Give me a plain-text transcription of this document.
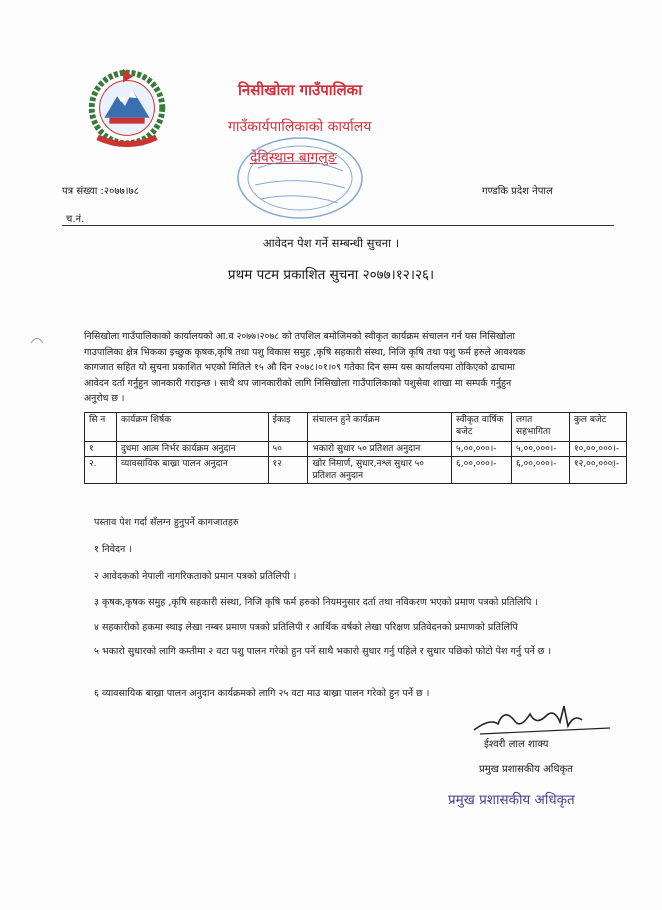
निसीखोला गाउँपालिका
गाउँकार्यपालिकाको कार्यालय
देविस्थान बागलुङ
पत्र संख्या :२०७७।७८	गण्डकि प्रदेश नेपाल
च.नं.
आवेदन पेश गर्ने सम्बन्धी सुचना ।
प्रथम पटम प्रकाशित सुचना २०७७।१२।२६।
निसिखोला गाउँपालिकाको कार्यालयको आ.व २०७७।२०७८ को तपशिल बमोजिमको स्वीकृत कार्यक्रम संचालन गर्न यस निसिखोला
गाउपालिका क्षेत्र भिकका इच्छुक कृषक,कृषि तथा पशु विकास समुह ,कृषि सहकारी संस्था, निजि कृषि तथा पशु फर्म हरुले आवश्यक
कागजात सहित यो सुचना प्रकाशित भएको मितिले १५ औ दिन २०७८।०१।०९ गतेका दिन सम्म यस कार्यालयमा तोकिएको ढाचामा
आवेदन दर्ता गर्नुहुन जानकारी गराइन्छ । साथै थप जानकारीको लागि निसिखोला गाउँपालिकाको पशुसेवा शाखा मा सम्पर्क गर्नुहुन
अनुरोध छ ।
सि न	कार्यक्रम शिर्षक	ईकाइ	संचालन हुने कार्यक्रम	स्वीकृत वार्षिक बजेट	लगत सहभागिता	कुल बजेट
१	दुधमा आत्म निर्भर कार्यक्रम अनुदान	५०	भकारो सुधार ५० प्रतिशत अनुदान	५,००,०००।-	५,००,०००।-	१०,००,०००।-
२.	व्यावसायिक बाख्रा पालन अनुदान	१२	खोर निमार्ण, सुधार,नश्ल सुधार ५० प्रतिशत अनुदान	६,००,०००।-	६,००,०००।-	१२,००,०००।-
पस्ताव पेश गर्दा सँलग्न हुनुपर्ने कागजातहरु
१ निवेदन ।
२ आवेदकको नेपाली नागरिकताको प्रमान पत्रको प्रतिलिपी ।
३ कृषक,कृषक समुह ,कृषि सहकारी संस्था, निजि कृषि फर्म हरुको नियमनुसार दर्ता तथा नविकरण भएको प्रमाण पत्रको प्रतिलिपि ।
४ सहकारीको हकमा स्थाइ लेखा नम्बर प्रमाण पत्रको प्रतिलिपी र आर्थिक वर्षको लेखा परिक्षण प्रतिवेदनको प्रमाणको प्रतिलिपि
५ भकारो सुधारको लागि कम्तीमा २ वटा पशु पालन गरेको हुन पर्ने साथै भकारो सुधार गर्नु पहिले र सुधार पछिको फोटो पेश गर्नु पर्ने छ ।
६ व्यावसायिक बाख्रा पालन अनुदान कार्यक्रमको लागि २५ वटा माउ बाख्रा पालन गरेको हुन पर्ने छ ।
ईश्वरी लाल शाक्य
प्रमुख प्रशासकीय अधिकृत
प्रमुख प्रशासकीय अधिकृत
